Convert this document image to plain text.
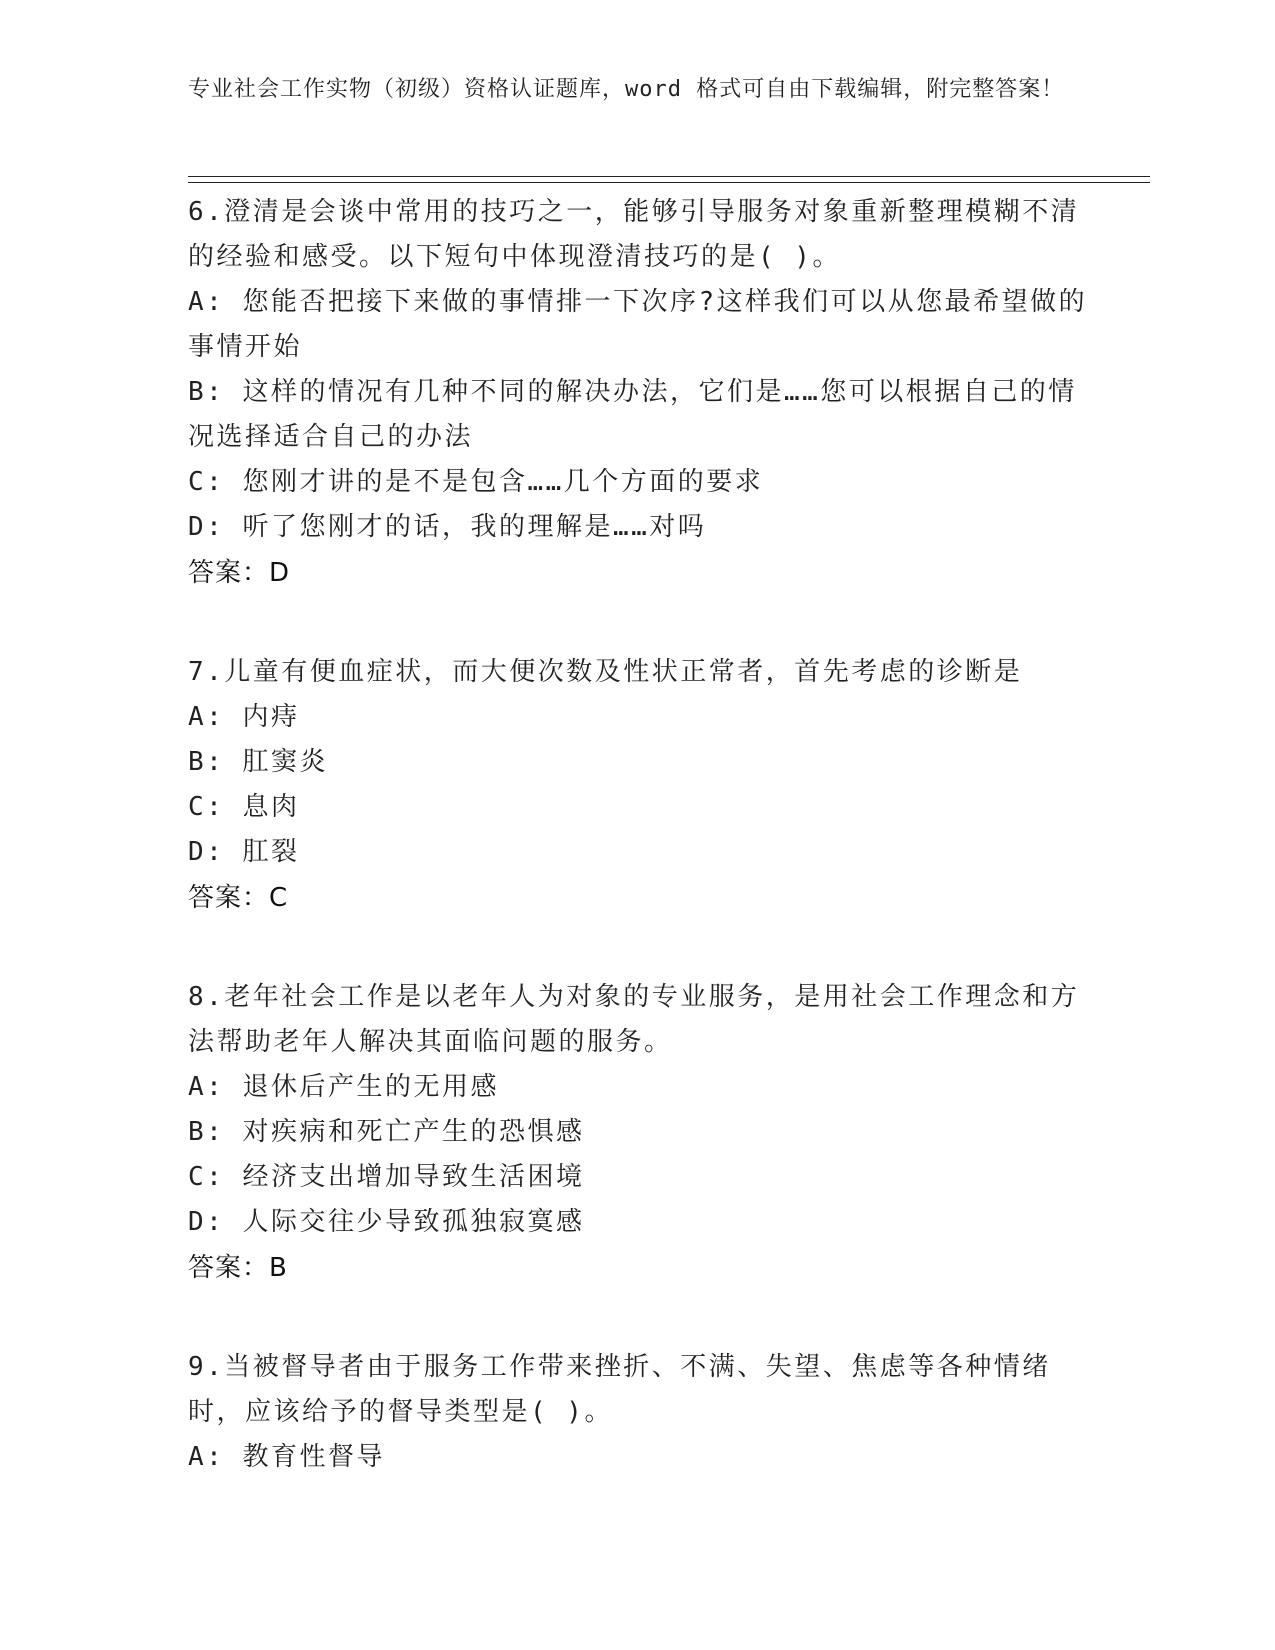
专业社会工作实物（初级）资格认证题库，word 格式可自由下载编辑，附完整答案！
6.澄清是会谈中常用的技巧之一，能够引导服务对象重新整理模糊不清的经验和感受。以下短句中体现澄清技巧的是( )。
A: 您能否把接下来做的事情排一下次序?这样我们可以从您最希望做的事情开始
B: 这样的情况有几种不同的解决办法，它们是……您可以根据自己的情况选择适合自己的办法
C: 您刚才讲的是不是包含……几个方面的要求
D: 听了您刚才的话，我的理解是……对吗
答案：D
7.儿童有便血症状，而大便次数及性状正常者，首先考虑的诊断是
A: 内痔
B: 肛窦炎
C: 息肉
D: 肛裂
答案：C
8.老年社会工作是以老年人为对象的专业服务，是用社会工作理念和方法帮助老年人解决其面临问题的服务。
A: 退休后产生的无用感
B: 对疾病和死亡产生的恐惧感
C: 经济支出增加导致生活困境
D: 人际交往少导致孤独寂寞感
答案：B
9.当被督导者由于服务工作带来挫折、不满、失望、焦虑等各种情绪时，应该给予的督导类型是( )。
A: 教育性督导
